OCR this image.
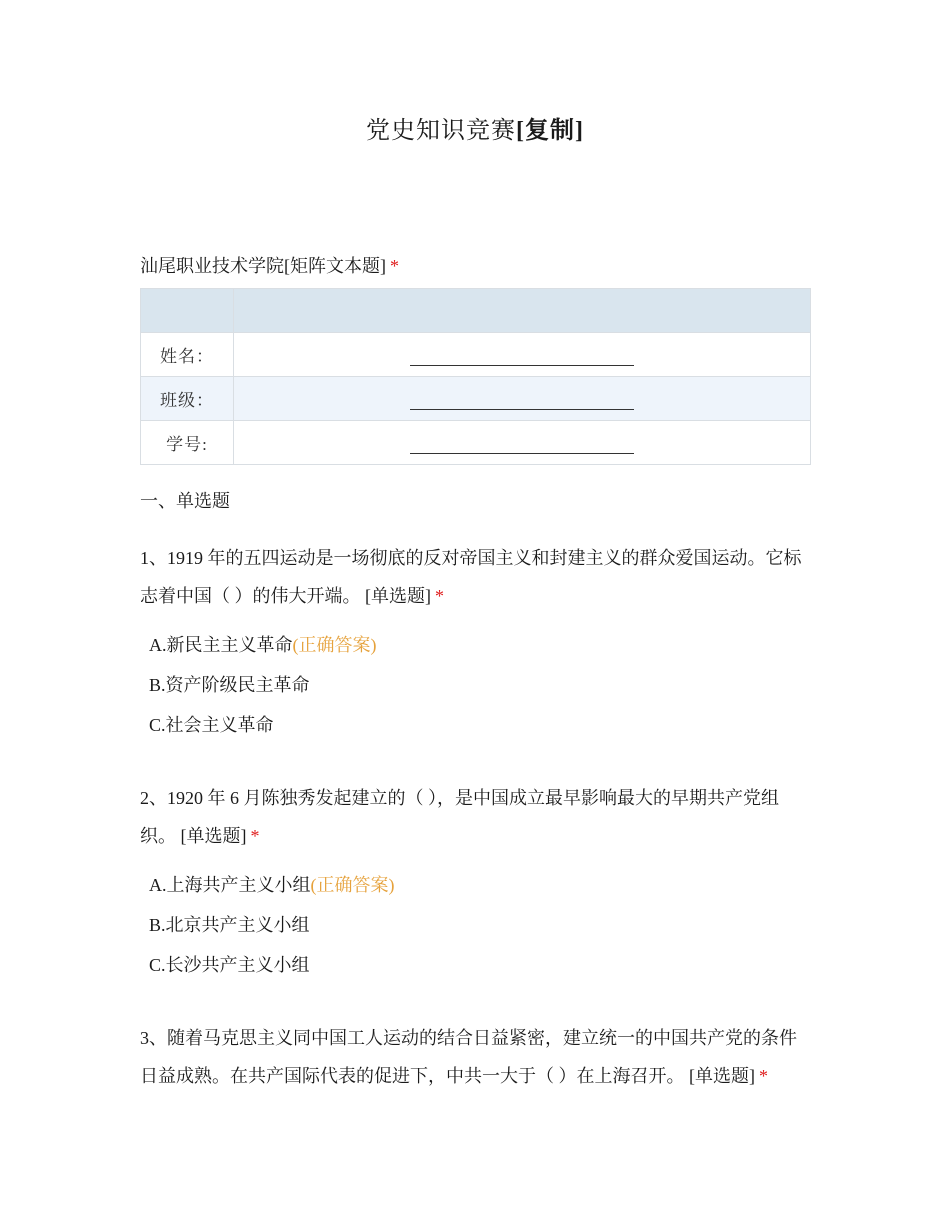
党史知识竞赛[复制]
汕尾职业技术学院[矩阵文本题] *

姓名：	
班级：	
学号:	
一、单选题
1、1919 年的五四运动是一场彻底的反对帝国主义和封建主义的群众爱国运动。它标志着中国（ ）的伟大开端。 [单选题] *
A.新民主主义革命(正确答案)
B.资产阶级民主革命
C.社会主义革命
2、1920 年 6 月陈独秀发起建立的（ ），是中国成立最早影响最大的早期共产党组织。 [单选题] *
A.上海共产主义小组(正确答案)
B.北京共产主义小组
C.长沙共产主义小组
3、随着马克思主义同中国工人运动的结合日益紧密，建立统一的中国共产党的条件日益成熟。在共产国际代表的促进下，中共一大于（ ）在上海召开。 [单选题] *
